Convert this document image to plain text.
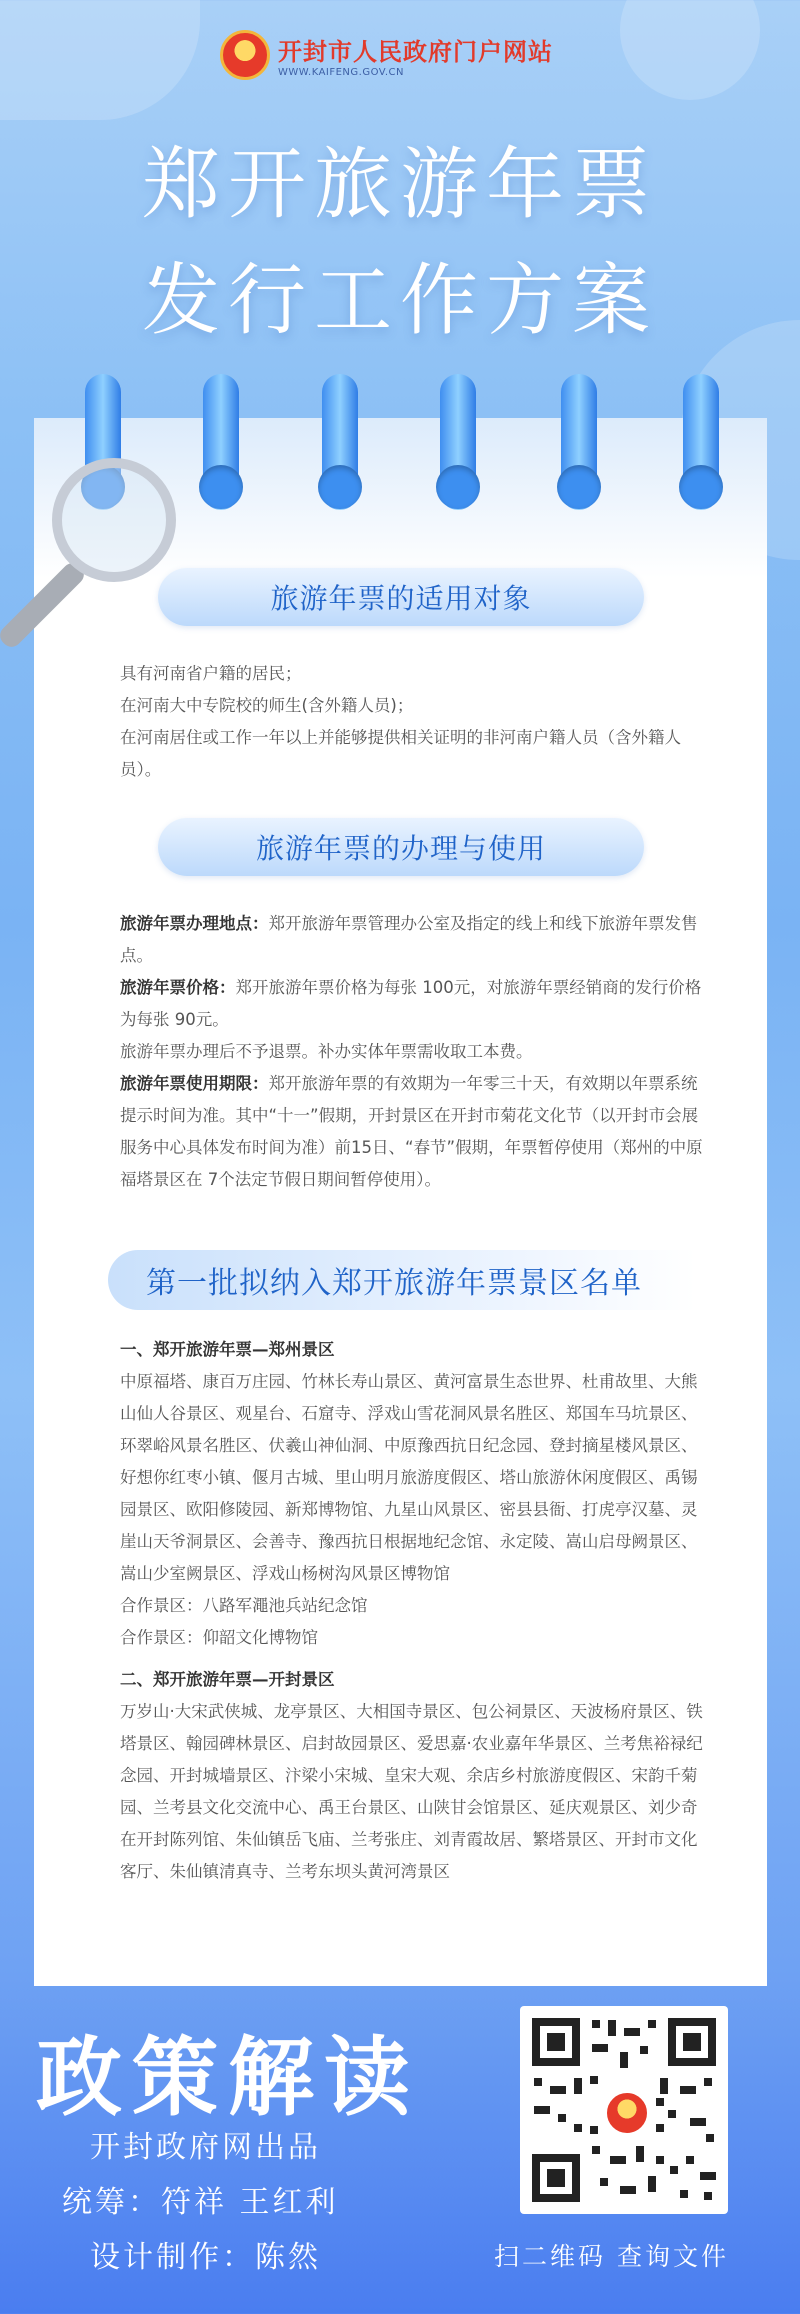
开封市人民政府门户网站
WWW.KAIFENG.GOV.CN
郑开旅游年票
发行工作方案
旅游年票的适用对象

具有河南省户籍的居民；

在河南大中专院校的师生(含外籍人员)；

在河南居住或工作一年以上并能够提供相关证明的非河南户籍人员（含外籍人员）。

旅游年票的办理与使用

旅游年票办理地点：郑开旅游年票管理办公室及指定的线上和线下旅游年票发售点。

旅游年票价格：郑开旅游年票价格为每张 100元，对旅游年票经销商的发行价格为每张 90元。

旅游年票办理后不予退票。补办实体年票需收取工本费。

旅游年票使用期限：郑开旅游年票的有效期为一年零三十天，有效期以年票系统提示时间为准。其中“十一”假期，开封景区在开封市菊花文化节（以开封市会展服务中心具体发布时间为准）前15日、“春节”假期，年票暂停使用（郑州的中原福塔景区在 7个法定节假日期间暂停使用）。

第一批拟纳入郑开旅游年票景区名单

一、郑开旅游年票—郑州景区

中原福塔、康百万庄园、竹林长寿山景区、黄河富景生态世界、杜甫故里、大熊山仙人谷景区、观星台、石窟寺、浮戏山雪花洞风景名胜区、郑国车马坑景区、环翠峪风景名胜区、伏羲山神仙洞、中原豫西抗日纪念园、登封摘星楼风景区、好想你红枣小镇、偃月古城、里山明月旅游度假区、塔山旅游休闲度假区、禹锡园景区、欧阳修陵园、新郑博物馆、九星山风景区、密县县衙、打虎亭汉墓、灵崖山天爷洞景区、会善寺、豫西抗日根据地纪念馆、永定陵、嵩山启母阙景区、嵩山少室阙景区、浮戏山杨树沟风景区博物馆

合作景区：八路军澠池兵站纪念馆

合作景区：仰韶文化博物馆

二、郑开旅游年票—开封景区

万岁山·大宋武侠城、龙亭景区、大相国寺景区、包公祠景区、天波杨府景区、铁塔景区、翰园碑林景区、启封故园景区、爱思嘉·农业嘉年华景区、兰考焦裕禄纪念园、开封城墙景区、汴梁小宋城、皇宋大观、余店乡村旅游度假区、宋韵千菊园、兰考县文化交流中心、禹王台景区、山陕甘会馆景区、延庆观景区、刘少奇在开封陈列馆、朱仙镇岳飞庙、兰考张庄、刘青霞故居、繁塔景区、开封市文化客厅、朱仙镇清真寺、兰考东坝头黄河湾景区

政策解读
开封政府网出品
统筹：符祥 王红利
设计制作：陈然	扫二维码 查询文件
